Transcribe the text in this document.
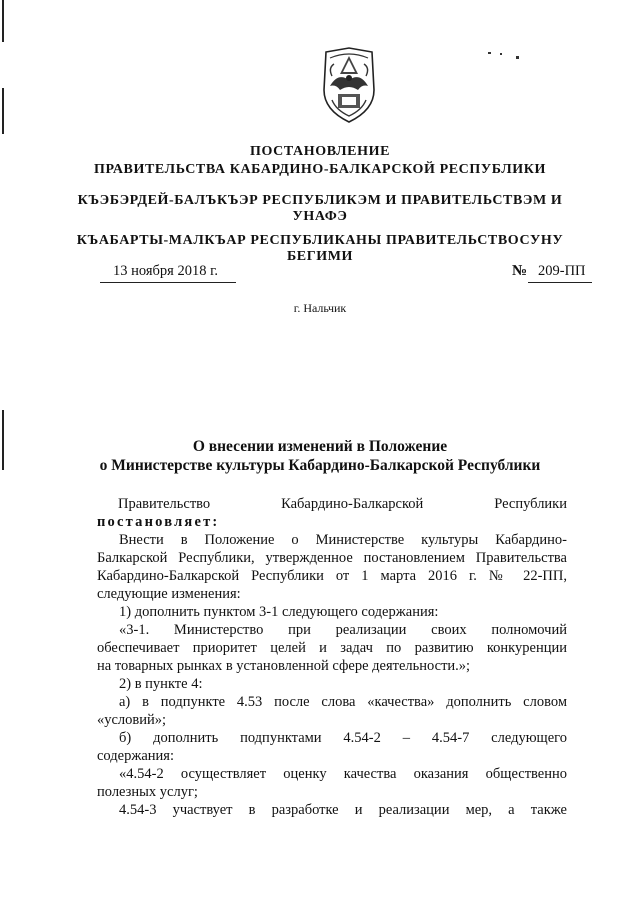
ПОСТАНОВЛЕНИЕ
ПРАВИТЕЛЬСТВА КАБАРДИНО-БАЛКАРСКОЙ РЕСПУБЛИКИ
КЪЭБЭРДЕЙ-БАЛЪКЪЭР РЕСПУБЛИКЭМ И ПРАВИТЕЛЬСТВЭМ И
УНАФЭ
КЪАБАРТЫ-МАЛКЪАР РЕСПУБЛИКАНЫ ПРАВИТЕЛЬСТВОСУНУ
БЕГИМИ
13 ноября 2018 г.	№ 209-ПП
г. Нальчик
О внесении изменений в Положение
о Министерстве культуры Кабардино-Балкарской Республики
Правительство	Кабардино-Балкарской	Республики
постановляет:
Внести в Положение о Министерстве культуры Кабардино-
Балкарской Республики, утвержденное постановлением Правительства
Кабардино-Балкарской Республики от 1 марта 2016 г. № 22-ПП,
следующие изменения:
1) дополнить пунктом 3-1 следующего содержания:
«3-1. Министерство при реализации своих полномочий
обеспечивает приоритет целей и задач по развитию конкуренции
на товарных рынках в установленной сфере деятельности.»;
2) в пункте 4:
а) в подпункте 4.53 после слова «качества» дополнить словом
«условий»;
б) дополнить подпунктами 4.54-2 – 4.54-7 следующего
содержания:
«4.54-2 осуществляет оценку качества оказания общественно
полезных услуг;
4.54-3 участвует в разработке и реализации мер, а также
